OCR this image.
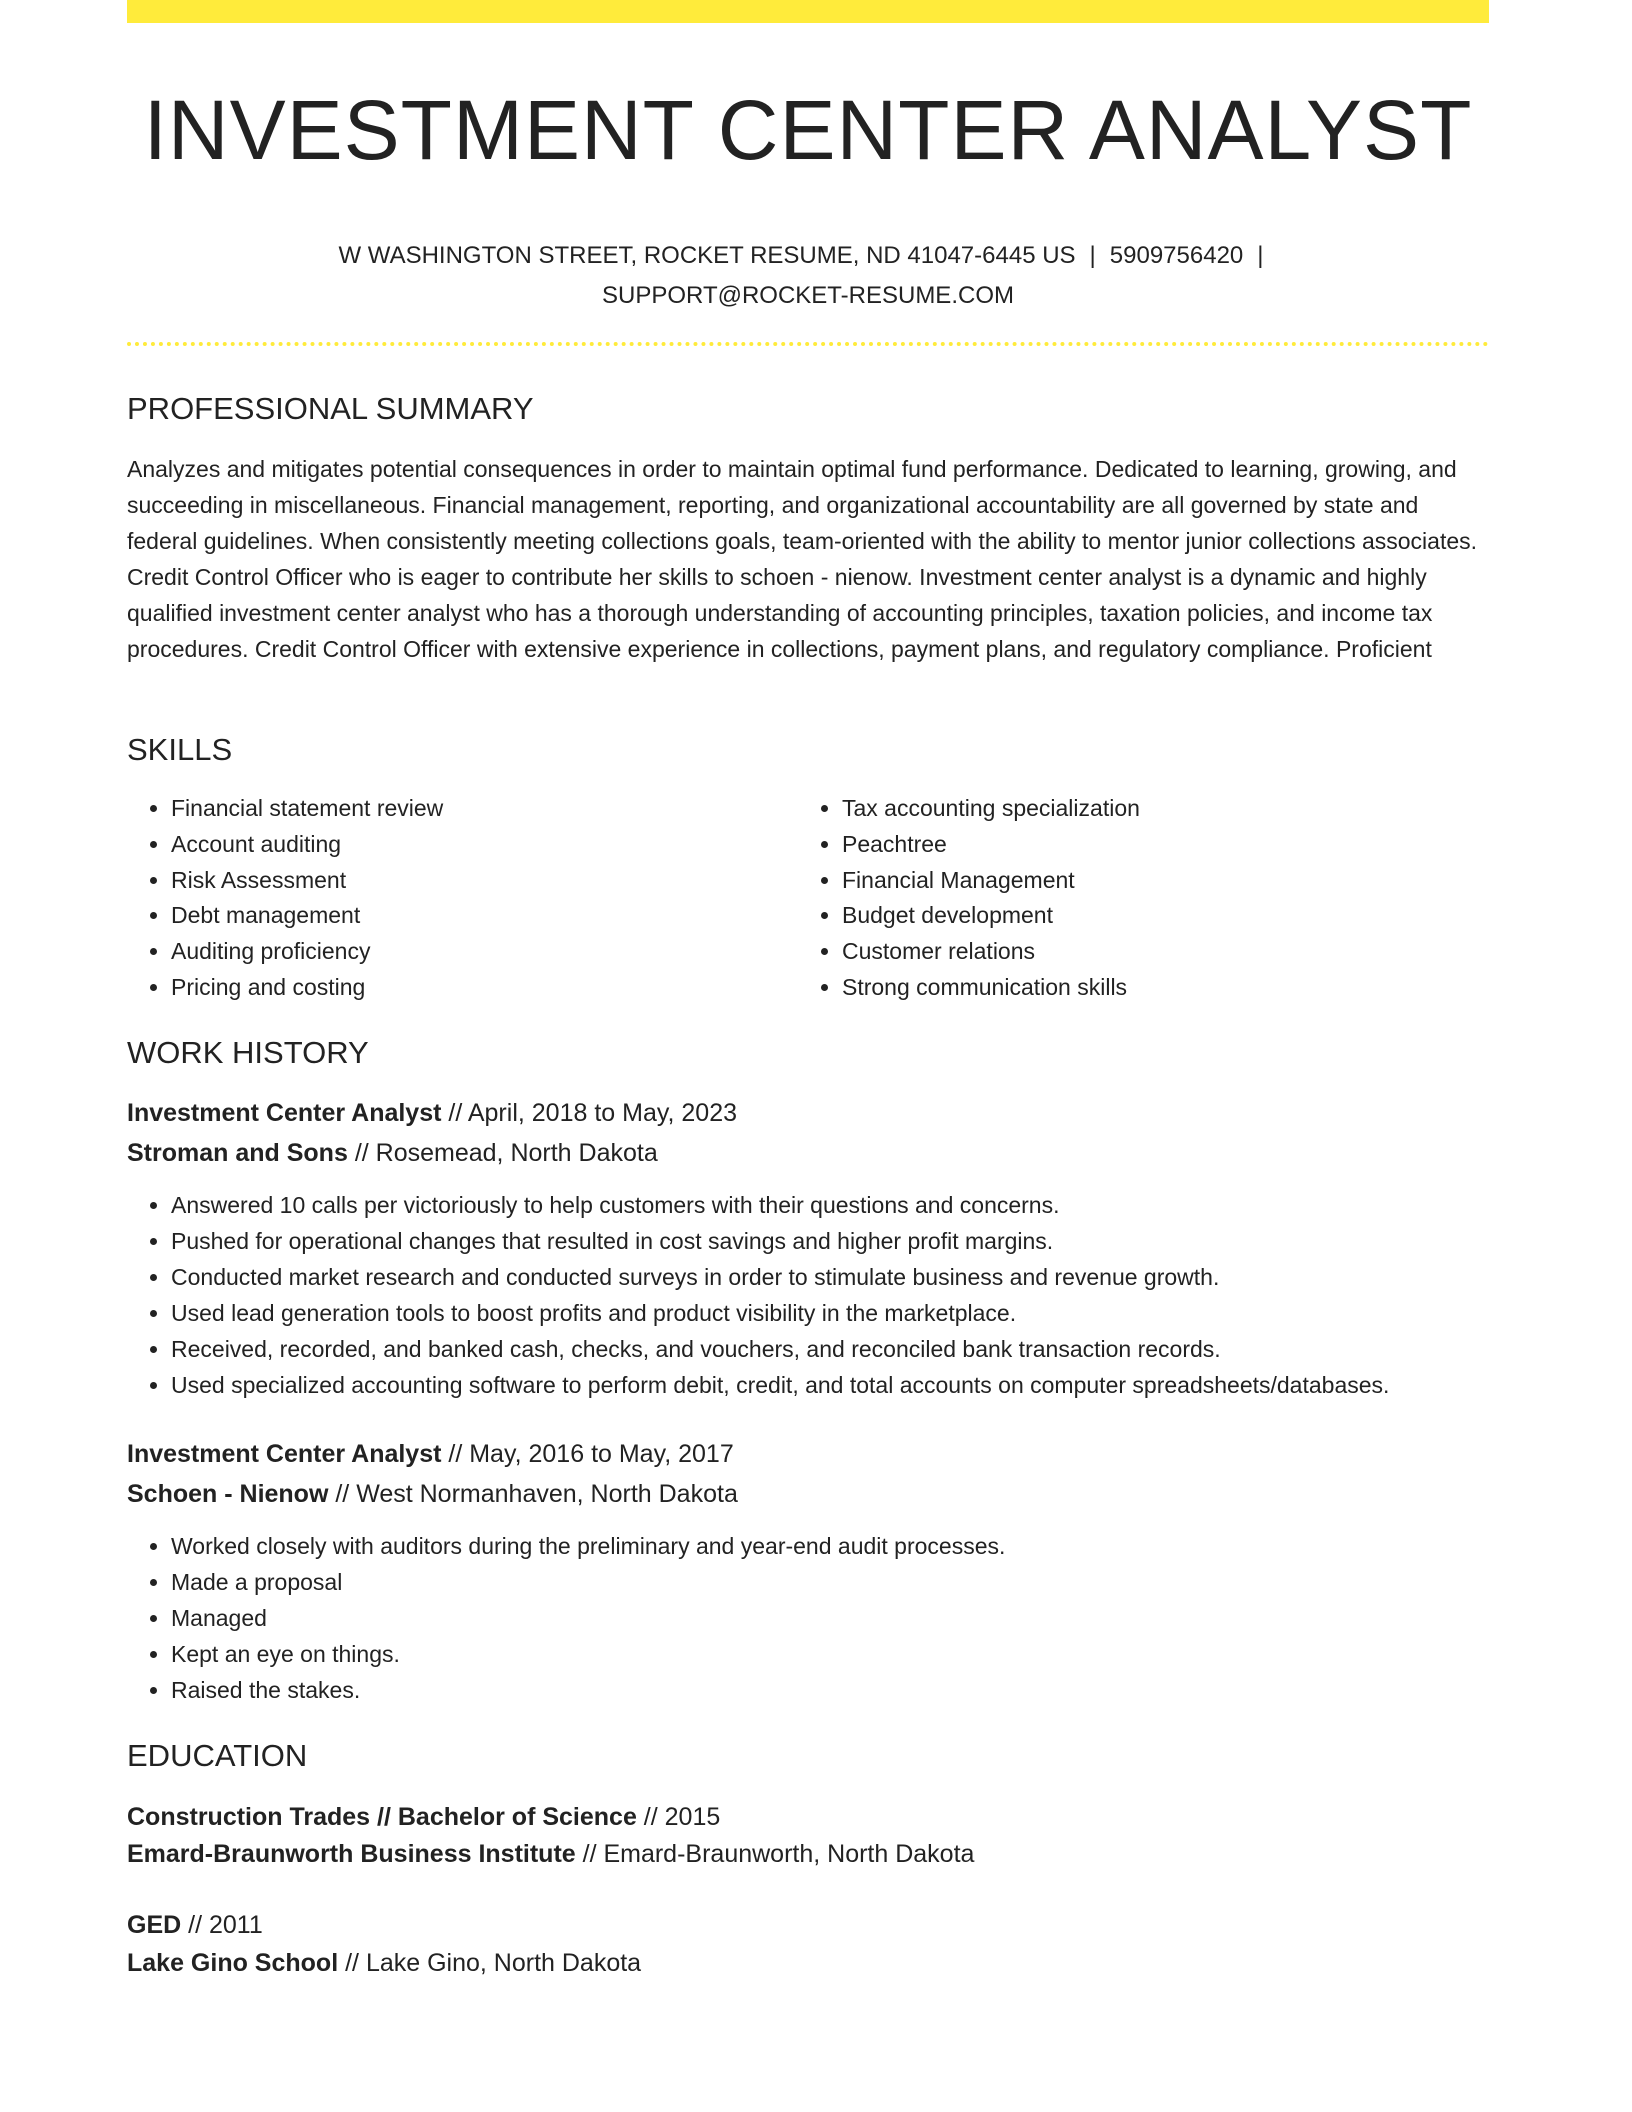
INVESTMENT CENTER ANALYST
W WASHINGTON STREET, ROCKET RESUME, ND 41047-6445 US | 5909756420 |
SUPPORT@ROCKET-RESUME.COM
PROFESSIONAL SUMMARY
Analyzes and mitigates potential consequences in order to maintain optimal fund performance. Dedicated to learning, growing, and succeeding in miscellaneous. Financial management, reporting, and organizational accountability are all governed by state and federal guidelines. When consistently meeting collections goals, team-oriented with the ability to mentor junior collections associates. Credit Control Officer who is eager to contribute her skills to schoen - nienow. Investment center analyst is a dynamic and highly qualified investment center analyst who has a thorough understanding of accounting principles, taxation policies, and income tax procedures. Credit Control Officer with extensive experience in collections, payment plans, and regulatory compliance. Proficient
SKILLS
• Financial statement review
• Account auditing
• Risk Assessment
• Debt management
• Auditing proficiency
• Pricing and costing
• Tax accounting specialization
• Peachtree
• Financial Management
• Budget development
• Customer relations
• Strong communication skills
WORK HISTORY
Investment Center Analyst // April, 2018 to May, 2023
Stroman and Sons // Rosemead, North Dakota
• Answered 10 calls per victoriously to help customers with their questions and concerns.
• Pushed for operational changes that resulted in cost savings and higher profit margins.
• Conducted market research and conducted surveys in order to stimulate business and revenue growth.
• Used lead generation tools to boost profits and product visibility in the marketplace.
• Received, recorded, and banked cash, checks, and vouchers, and reconciled bank transaction records.
• Used specialized accounting software to perform debit, credit, and total accounts on computer spreadsheets/databases.
Investment Center Analyst // May, 2016 to May, 2017
Schoen - Nienow // West Normanhaven, North Dakota
• Worked closely with auditors during the preliminary and year-end audit processes.
• Made a proposal
• Managed
• Kept an eye on things.
• Raised the stakes.
EDUCATION
Construction Trades // Bachelor of Science // 2015
Emard-Braunworth Business Institute // Emard-Braunworth, North Dakota
GED // 2011
Lake Gino School // Lake Gino, North Dakota
